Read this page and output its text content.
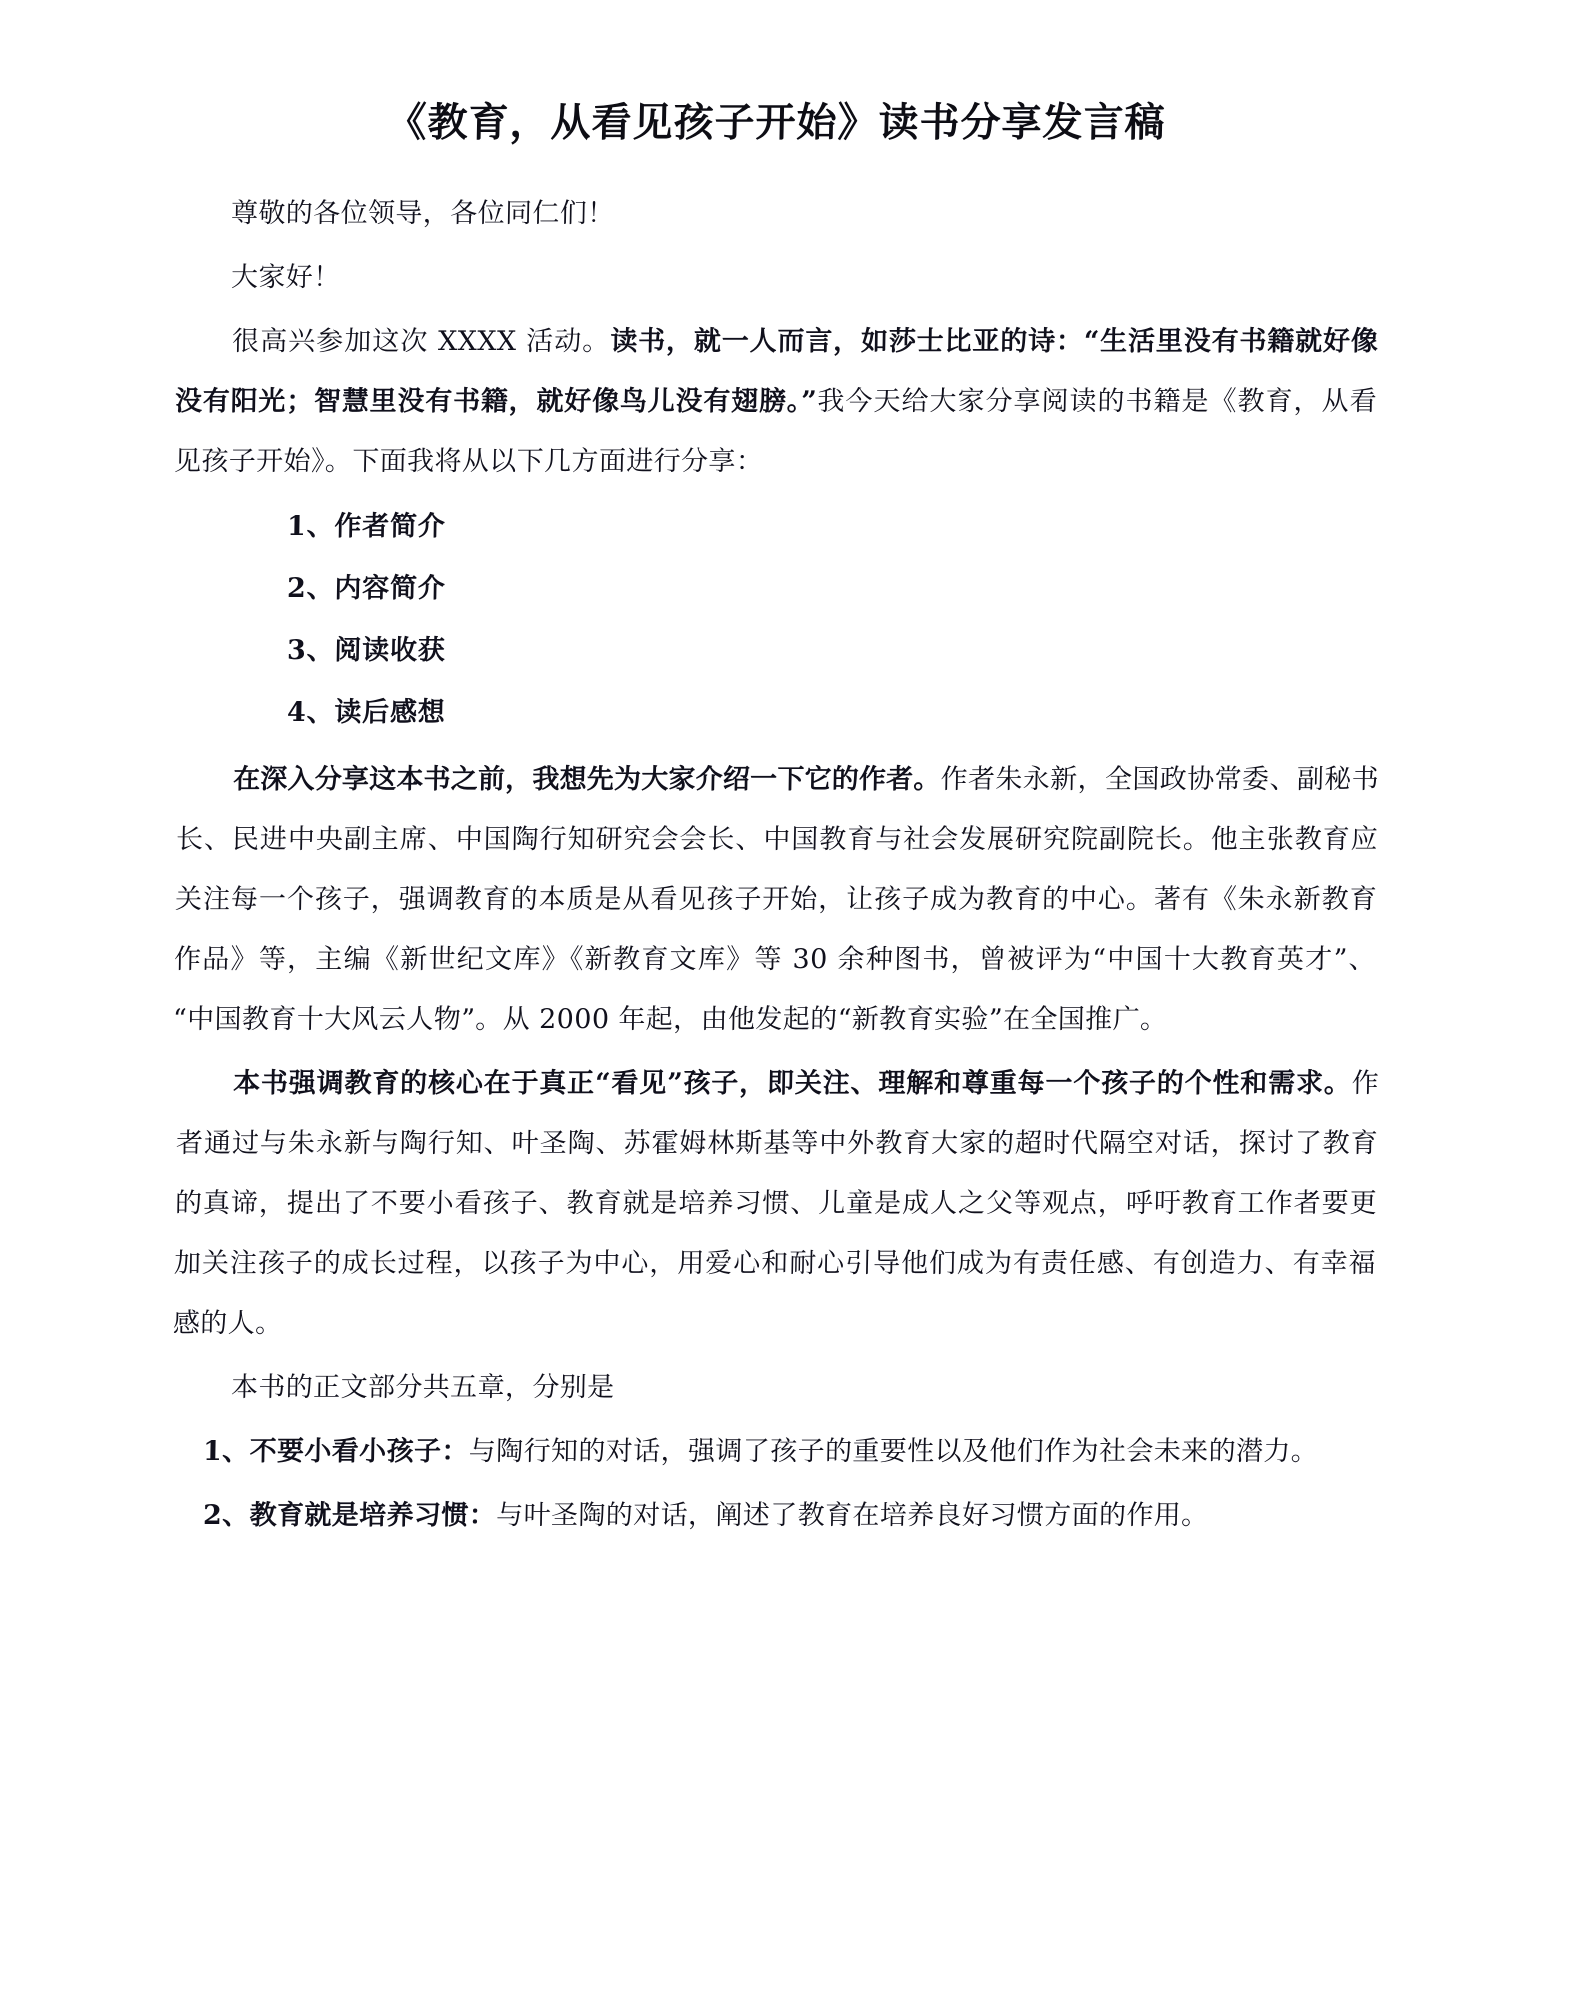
《教育，从看见孩子开始》读书分享发言稿

尊敬的各位领导，各位同仁们！

大家好！

很高兴参加这次 XXXX 活动。读书，就一人而言，如莎士比亚的诗：“生活里没有书籍就好像没有阳光；智慧里没有书籍，就好像鸟儿没有翅膀。”我今天给大家分享阅读的书籍是《教育，从看见孩子开始》。下面我将从以下几方面进行分享：

1、作者简介
2、内容简介
3、阅读收获
4、读后感想

在深入分享这本书之前，我想先为大家介绍一下它的作者。作者朱永新，全国政协常委、副秘书长、民进中央副主席、中国陶行知研究会会长、中国教育与社会发展研究院副院长。他主张教育应关注每一个孩子，强调教育的本质是从看见孩子开始，让孩子成为教育的中心。著有《朱永新教育作品》等，主编《新世纪文库》《新教育文库》等 30 余种图书，曾被评为“中国十大教育英才”、“中国教育十大风云人物”。从 2000 年起，由他发起的“新教育实验”在全国推广。

本书强调教育的核心在于真正“看见”孩子，即关注、理解和尊重每一个孩子的个性和需求。作者通过与朱永新与陶行知、叶圣陶、苏霍姆林斯基等中外教育大家的超时代隔空对话，探讨了教育的真谛，提出了不要小看孩子、教育就是培养习惯、儿童是成人之父等观点，呼吁教育工作者要更加关注孩子的成长过程，以孩子为中心，用爱心和耐心引导他们成为有责任感、有创造力、有幸福感的人。

本书的正文部分共五章，分别是

1、不要小看小孩子：与陶行知的对话，强调了孩子的重要性以及他们作为社会未来的潜力。

2、教育就是培养习惯：与叶圣陶的对话，阐述了教育在培养良好习惯方面的作用。
